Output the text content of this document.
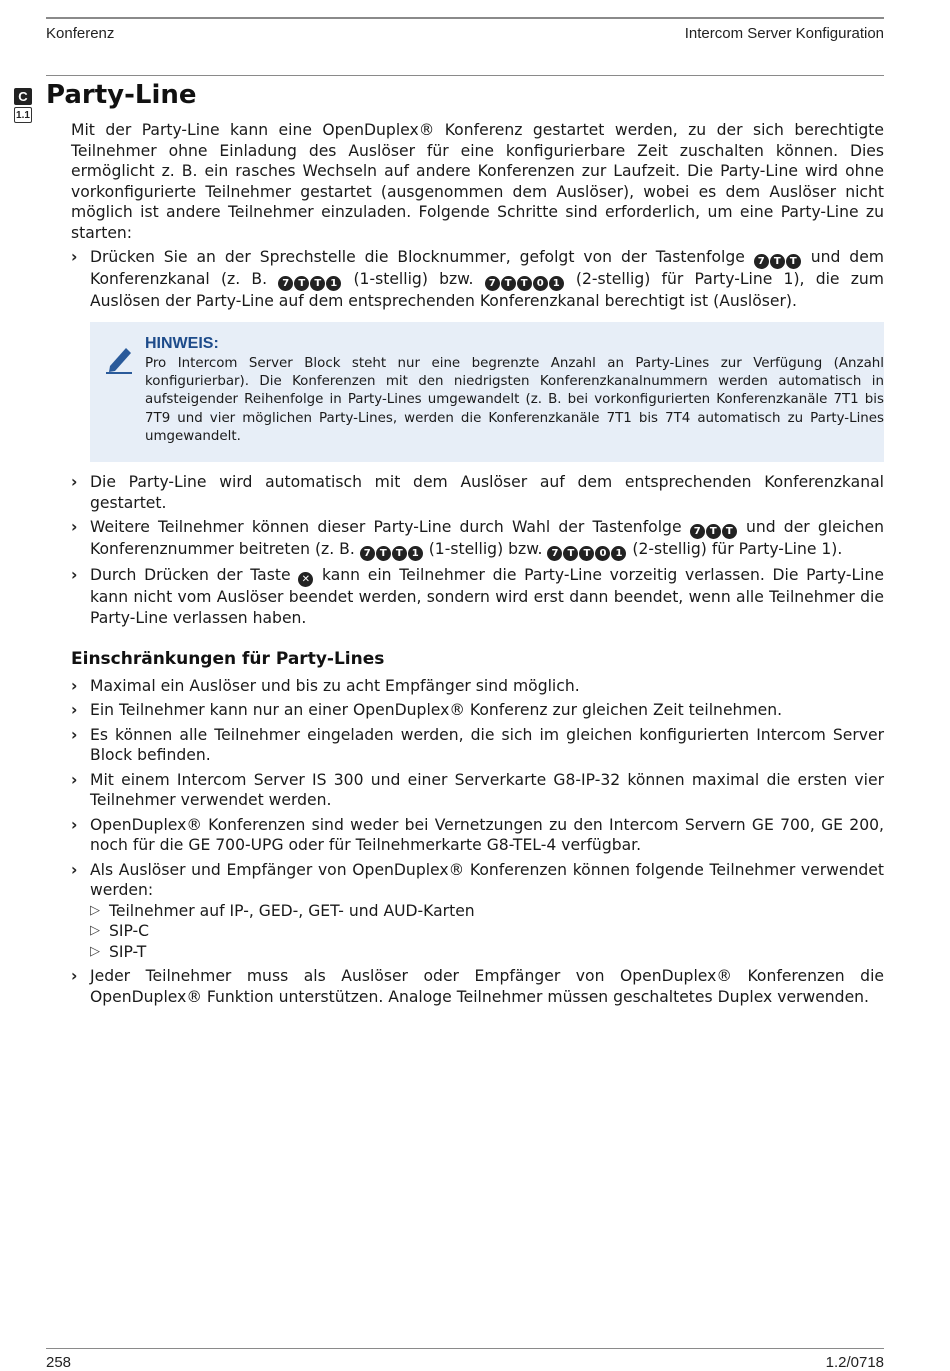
Konferenz	Intercom Server Konfiguration
C
1.1
Party-Line

Mit der Party-Line kann eine OpenDuplex® Konferenz gestartet werden, zu der sich berechtigte Teilnehmer ohne Einladung des Auslöser für eine konfigurierbare Zeit zuschalten können. Dies ermöglicht z. B. ein rasches Wechseln auf andere Konferenzen zur Laufzeit. Die Party-Line wird ohne vorkonfigurierte Teilnehmer gestartet (ausgenommen dem Auslöser), wobei es dem Auslöser nicht möglich ist andere Teilnehmer einzuladen. Folgende Schritte sind erforderlich, um eine Party-Line zu starten:

› Drücken Sie an der Sprechstelle die Blocknummer, gefolgt von der Tastenfolge 7 T T und dem Konferenzkanal (z. B. 7 T T 1 (1-stellig) bzw. 7 T T 0 1 (2-stellig) für Party-Line 1), die zum Auslösen der Party-Line auf dem entsprechenden Konferenzkanal berechtigt ist (Auslöser).
HINWEIS:
Pro Intercom Server Block steht nur eine begrenzte Anzahl an Party-Lines zur Verfügung (Anzahl konfigurierbar). Die Konferenzen mit den niedrigsten Konferenzkanalnummern werden automatisch in aufsteigender Reihenfolge in Party-Lines umgewandelt (z. B. bei vorkonfigurierten Konferenzkanäle 7T1 bis 7T9 und vier möglichen Party-Lines, werden die Konferenzkanäle 7T1 bis 7T4 automatisch zu Party-Lines umgewandelt.
› Die Party-Line wird automatisch mit dem Auslöser auf dem entsprechenden Konferenzkanal gestartet.
› Weitere Teilnehmer können dieser Party-Line durch Wahl der Tastenfolge 7 T T und der gleichen Konferenznummer beitreten (z. B. 7 T T 1 (1-stellig) bzw. 7 T T 0 1 (2-stellig) für Party-Line 1).
› Durch Drücken der Taste ✕ kann ein Teilnehmer die Party-Line vorzeitig verlassen. Die Party-Line kann nicht vom Auslöser beendet werden, sondern wird erst dann beendet, wenn alle Teilnehmer die Party-Line verlassen haben.
Einschränkungen für Party-Lines
› Maximal ein Auslöser und bis zu acht Empfänger sind möglich.
› Ein Teilnehmer kann nur an einer OpenDuplex® Konferenz zur gleichen Zeit teilnehmen.
› Es können alle Teilnehmer eingeladen werden, die sich im gleichen konfigurierten Intercom Server Block befinden.
› Mit einem Intercom Server IS 300 und einer Serverkarte G8-IP-32 können maximal die ersten vier Teilnehmer verwendet werden.
› OpenDuplex® Konferenzen sind weder bei Vernetzungen zu den Intercom Servern GE 700, GE 200, noch für die GE 700-UPG oder für Teilnehmerkarte G8-TEL-4 verfügbar.
› Als Auslöser und Empfänger von OpenDuplex® Konferenzen können folgende Teilnehmer verwendet werden:
▷ Teilnehmer auf IP-, GED-, GET- und AUD-Karten
▷ SIP-C
▷ SIP-T
› Jeder Teilnehmer muss als Auslöser oder Empfänger von OpenDuplex® Konferenzen die OpenDuplex® Funktion unterstützen. Analoge Teilnehmer müssen geschaltetes Duplex verwenden.
258	1.2/0718
